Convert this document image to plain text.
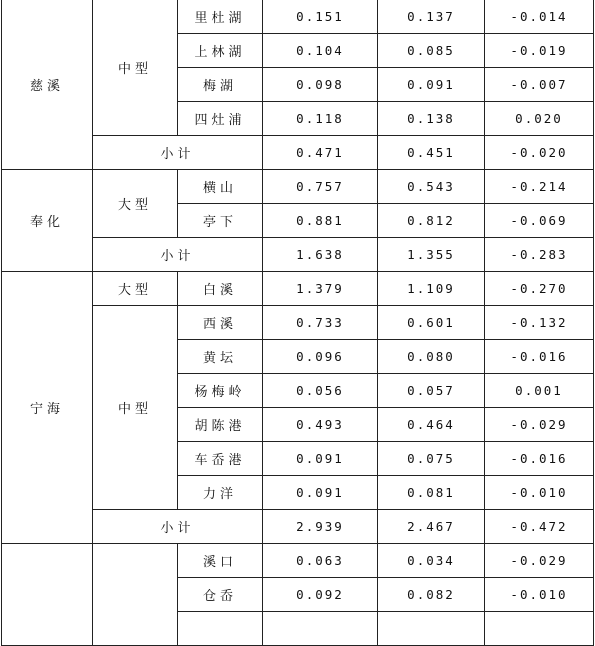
慈溪	中型	里杜湖	0.151	0.137	-0.014
		上林湖	0.104	0.085	-0.019
		梅湖	0.098	0.091	-0.007
		四灶浦	0.118	0.138	0.020
	小计		0.471	0.451	-0.020
奉化	大型	横山	0.757	0.543	-0.214
		亭下	0.881	0.812	-0.069
	小计		1.638	1.355	-0.283
宁海	大型	白溪	1.379	1.109	-0.270
	中型	西溪	0.733	0.601	-0.132
		黄坛	0.096	0.080	-0.016
		杨梅岭	0.056	0.057	0.001
		胡陈港	0.493	0.464	-0.029
		车岙港	0.091	0.075	-0.016
		力洋	0.091	0.081	-0.010
	小计		2.939	2.467	-0.472
		溪口	0.063	0.034	-0.029
		仓岙	0.092	0.082	-0.010
